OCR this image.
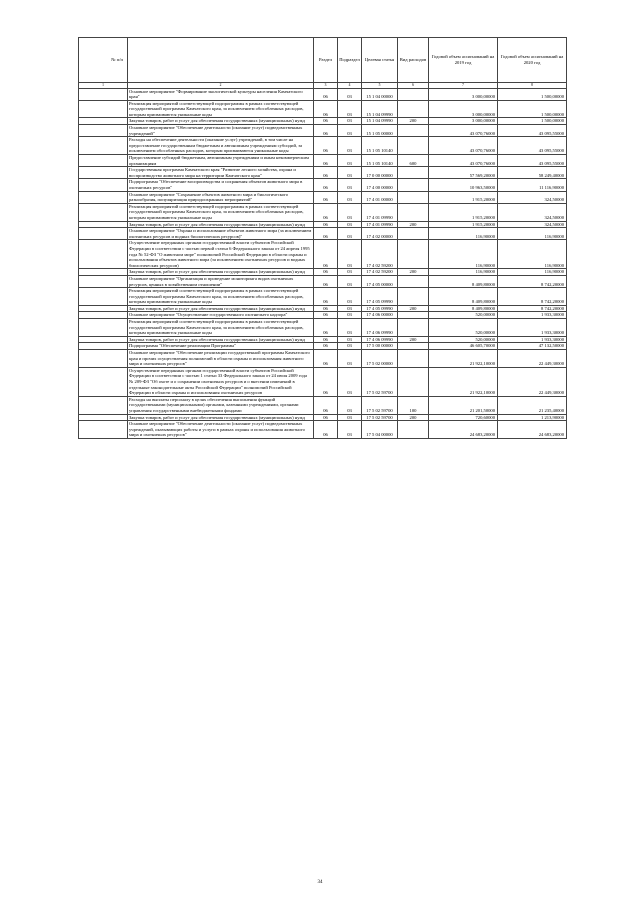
№ п/п		Раздел	Подраздел	Целевая статья	Вид расходов	Годовой объем ассигнований на 2019 год	Годовой объем ассигнований на 2020 год
1	2	3	4	5	6	7	8
	Основное мероприятие "Формирование экологической культуры населения Камчатского края"	06	03	15 1 04 00000		3 000,00000	1 500,00000
	Реализация мероприятий соответствующей подпрограммы в рамках соответствующей государственной программы Камчатского края, за исключением обособленных расходов, которым присваиваются уникальные коды	06	03	15 1 04 09990		3 000,00000	1 500,00000
	Закупка товаров, работ и услуг для обеспечения государственных (муниципальных) нужд	06	03	15 1 04 09990	200	3 000,00000	1 500,00000
	Основное мероприятие "Обеспечение деятельности (оказание услуг) подведомственных учреждений"	06	03	15 1 05 00000		43 070,76000	43 095,55000
	Расходы на обеспечение деятельности (оказание услуг) учреждений, в том числе на предоставление государственным бюджетным и автономным учреждениям субсидий, за исключением обособленных расходов, которым присваиваются уникальные коды	06	03	15 1 05 10140		43 070,76000	43 095,55000
	Предоставление субсидий бюджетным, автономным учреждениям и иным некоммерческим организациям	06	03	15 1 05 10140	600	43 070,76000	43 095,55000
	Государственная программа Камчатского края "Развитие лесного хозяйства, охрана и воспроизводство животного мира на территории Камчатского края"	06	03	17 0 00 00000		57 569,20000	58 249,40000
	Подпрограмма "Обеспечение воспроизводства и сохранения объектов животного мира в охотничьих ресурсов"	06	03	17 4 00 00000		10 963,50000	11 116,90000
	Основное мероприятие "Сохранение объектов животного мира и биологического разнообразия, популяризация природоохранных мероприятий"	06	03	17 4 01 00000		1 915,20000	324,50000
	Реализация мероприятий соответствующей подпрограммы в рамках соответствующей государственной программы Камчатского края, за исключением обособленных расходов, которым присваиваются уникальные коды	06	03	17 4 01 09990		1 915,20000	324,50000
	Закупка товаров, работ и услуг для обеспечения государственных (муниципальных) нужд	06	03	17 4 01 09990	200	1 915,20000	324,50000
	Основное мероприятие "Охрана и использование объектов животного мира (за исключением охотничьих ресурсов и водных биологических ресурсов)"	06	03	17 4 02 00000		116,90000	116,90000
	Осуществление переданных органам государственной власти субъектов Российской Федерации в соответствии с частью первой статьи 6 Федерального закона от 24 апреля 1995 года № 52-ФЗ "О животном мире" полномочий Российской Федерации в области охраны и использования объектов животного мира (за исключением охотничьих ресурсов и водных биологических ресурсов)	06	03	17 4 02 59200		116,90000	116,90000
	Закупка товаров, работ и услуг для обеспечения государственных (муниципальных) нужд	06	03	17 4 02 59200	200	116,90000	116,90000
	Основное мероприятие "Организация и проведение мониторинга видов охотничьих ресурсов, ценных в хозяйственном отношении"	06	03	17 4 05 00000		8 409,80000	8 742,20000
	Реализация мероприятий соответствующей подпрограммы в рамках соответствующей государственной программы Камчатского края, за исключением обособленных расходов, которым присваиваются уникальные коды	06	03	17 4 05 09990		8 409,80000	8 742,20000
	Закупка товаров, работ и услуг для обеспечения государственных (муниципальных) нужд	06	03	17 4 05 09990	200	8 409,80000	8 742,20000
	Основное мероприятие "Осуществление государственного охотничьего надзора"	06	03	17 4 06 00000		520,00000	1 933,30000
	Реализация мероприятий соответствующей подпрограммы в рамках соответствующей государственной программы Камчатского края, за исключением обособленных расходов, которым присваиваются уникальные коды	06	03	17 4 06 09990		520,00000	1 933,30000
	Закупка товаров, работ и услуг для обеспечения государственных (муниципальных) нужд	06	03	17 4 06 09990	200	520,00000	1 933,30000
	Подпрограмма "Обеспечение реализации Программы"	06	03	17 5 00 00000		46 605,70000	47 132,50000
	Основное мероприятие "Обеспечение реализации государственной программы Камчатского края и прочих осуществления полномочий в области охраны и использования животного мира и охотничьих ресурсов"	06	03	17 5 02 00000		21 922,10000	22 449,30000
	Осуществление переданных органам государственной власти субъектов Российской Федерации в соответствии с частью 1 статьи 33 Федерального закона от 24 июля 2009 года № 209-ФЗ "Об охоте и о сохранении охотничьих ресурсов и о внесении изменений в отдельные законодательные акты Российской Федерации" полномочий Российской Федерации в области охраны и использования охотничьих ресурсов	06	03	17 5 02 59700		21 922,10000	22 449,30000
	Расходы на выплаты персоналу в целях обеспечения выполнения функций государственными (муниципальными) органами, казенными учреждениями, органами управления государственными внебюджетными фондами	06	03	17 5 02 59700	100	21 201,50000	21 235,40000
	Закупка товаров, работ и услуг для обеспечения государственных (муниципальных) нужд	06	03	17 5 02 59700	200	720,60000	1 213,90000
	Основное мероприятие "Обеспечение деятельности (оказание услуг) подведомственных учреждений, оказывающих работы и услуги в рамках охраны и использования животного мира и охотничьих ресурсов"	06	03	17 5 04 00000		24 683,20000	24 683,20000
34
